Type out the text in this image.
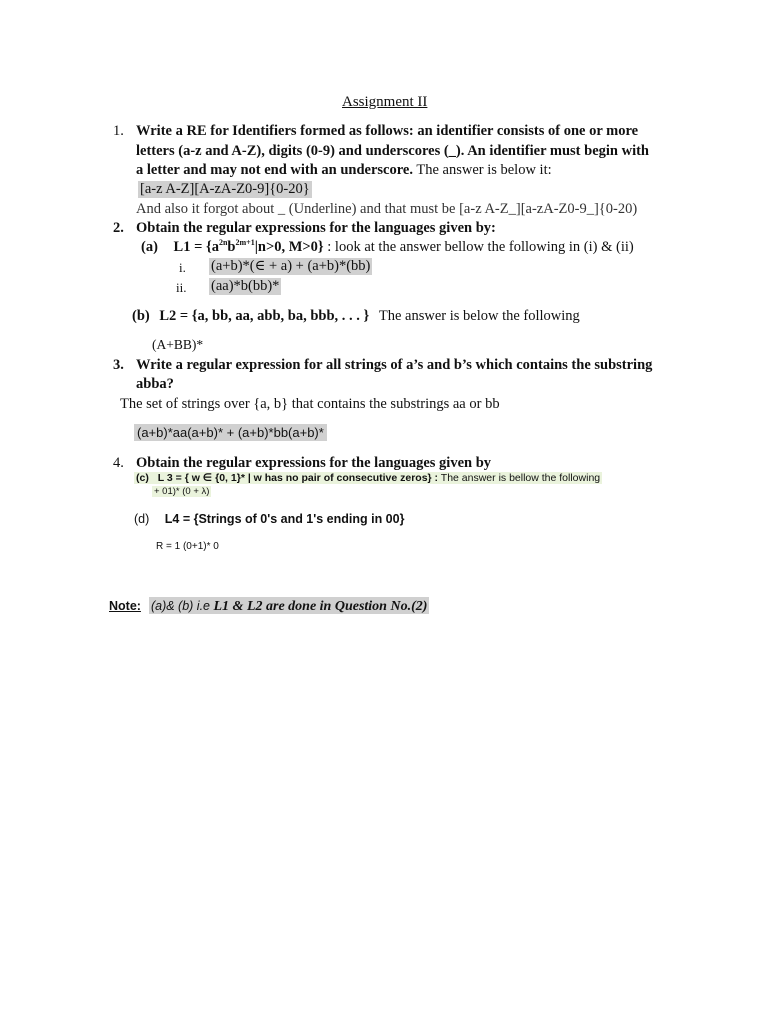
Assignment II
1. Write a RE for Identifiers formed as follows: an identifier consists of one or more
letters (a-z and A-Z), digits (0-9) and underscores (_). An identifier must begin with
a letter and may not end with an underscore. The answer is below it:
[a-z A-Z][A-zA-Z0-9]{0-20}
And also it forgot about _ (Underline) and that must be [a-z A-Z_][a-zA-Z0-9_]{0-20)
2. Obtain the regular expressions for the languages given by:
(a) $L1 = \{a^{2n}b^{2m+1}|n>0$, M>0} : look at the answer bellow the following in (i) & (ii)
i. (a+b)*(∈ + a) + (a+b)*(bb)
ii. (aa)*b(bb)*
(b) L2 = {a, bb, aa, abb, ba, bbb, . . . } The answer is below the following
(A+BB)*
3. Write a regular expression for all strings of a’s and b’s which contains the substring
abba?
The set of strings over {a, b} that contains the substrings aa or bb
(a+b)*aa(a+b)* + (a+b)*bb(a+b)*
4. Obtain the regular expressions for the languages given by
(c) L 3 = { w ∈ {0, 1}* | w has no pair of consecutive zeros} : The answer is bellow the following
+ 01)* (0 + λ)
(d) L4 = {Strings of 0's and 1's ending in 00}
R = 1 (0+1)* 0
Note: (a)& (b) i.e L1 & L2 are done in Question No.(2)
